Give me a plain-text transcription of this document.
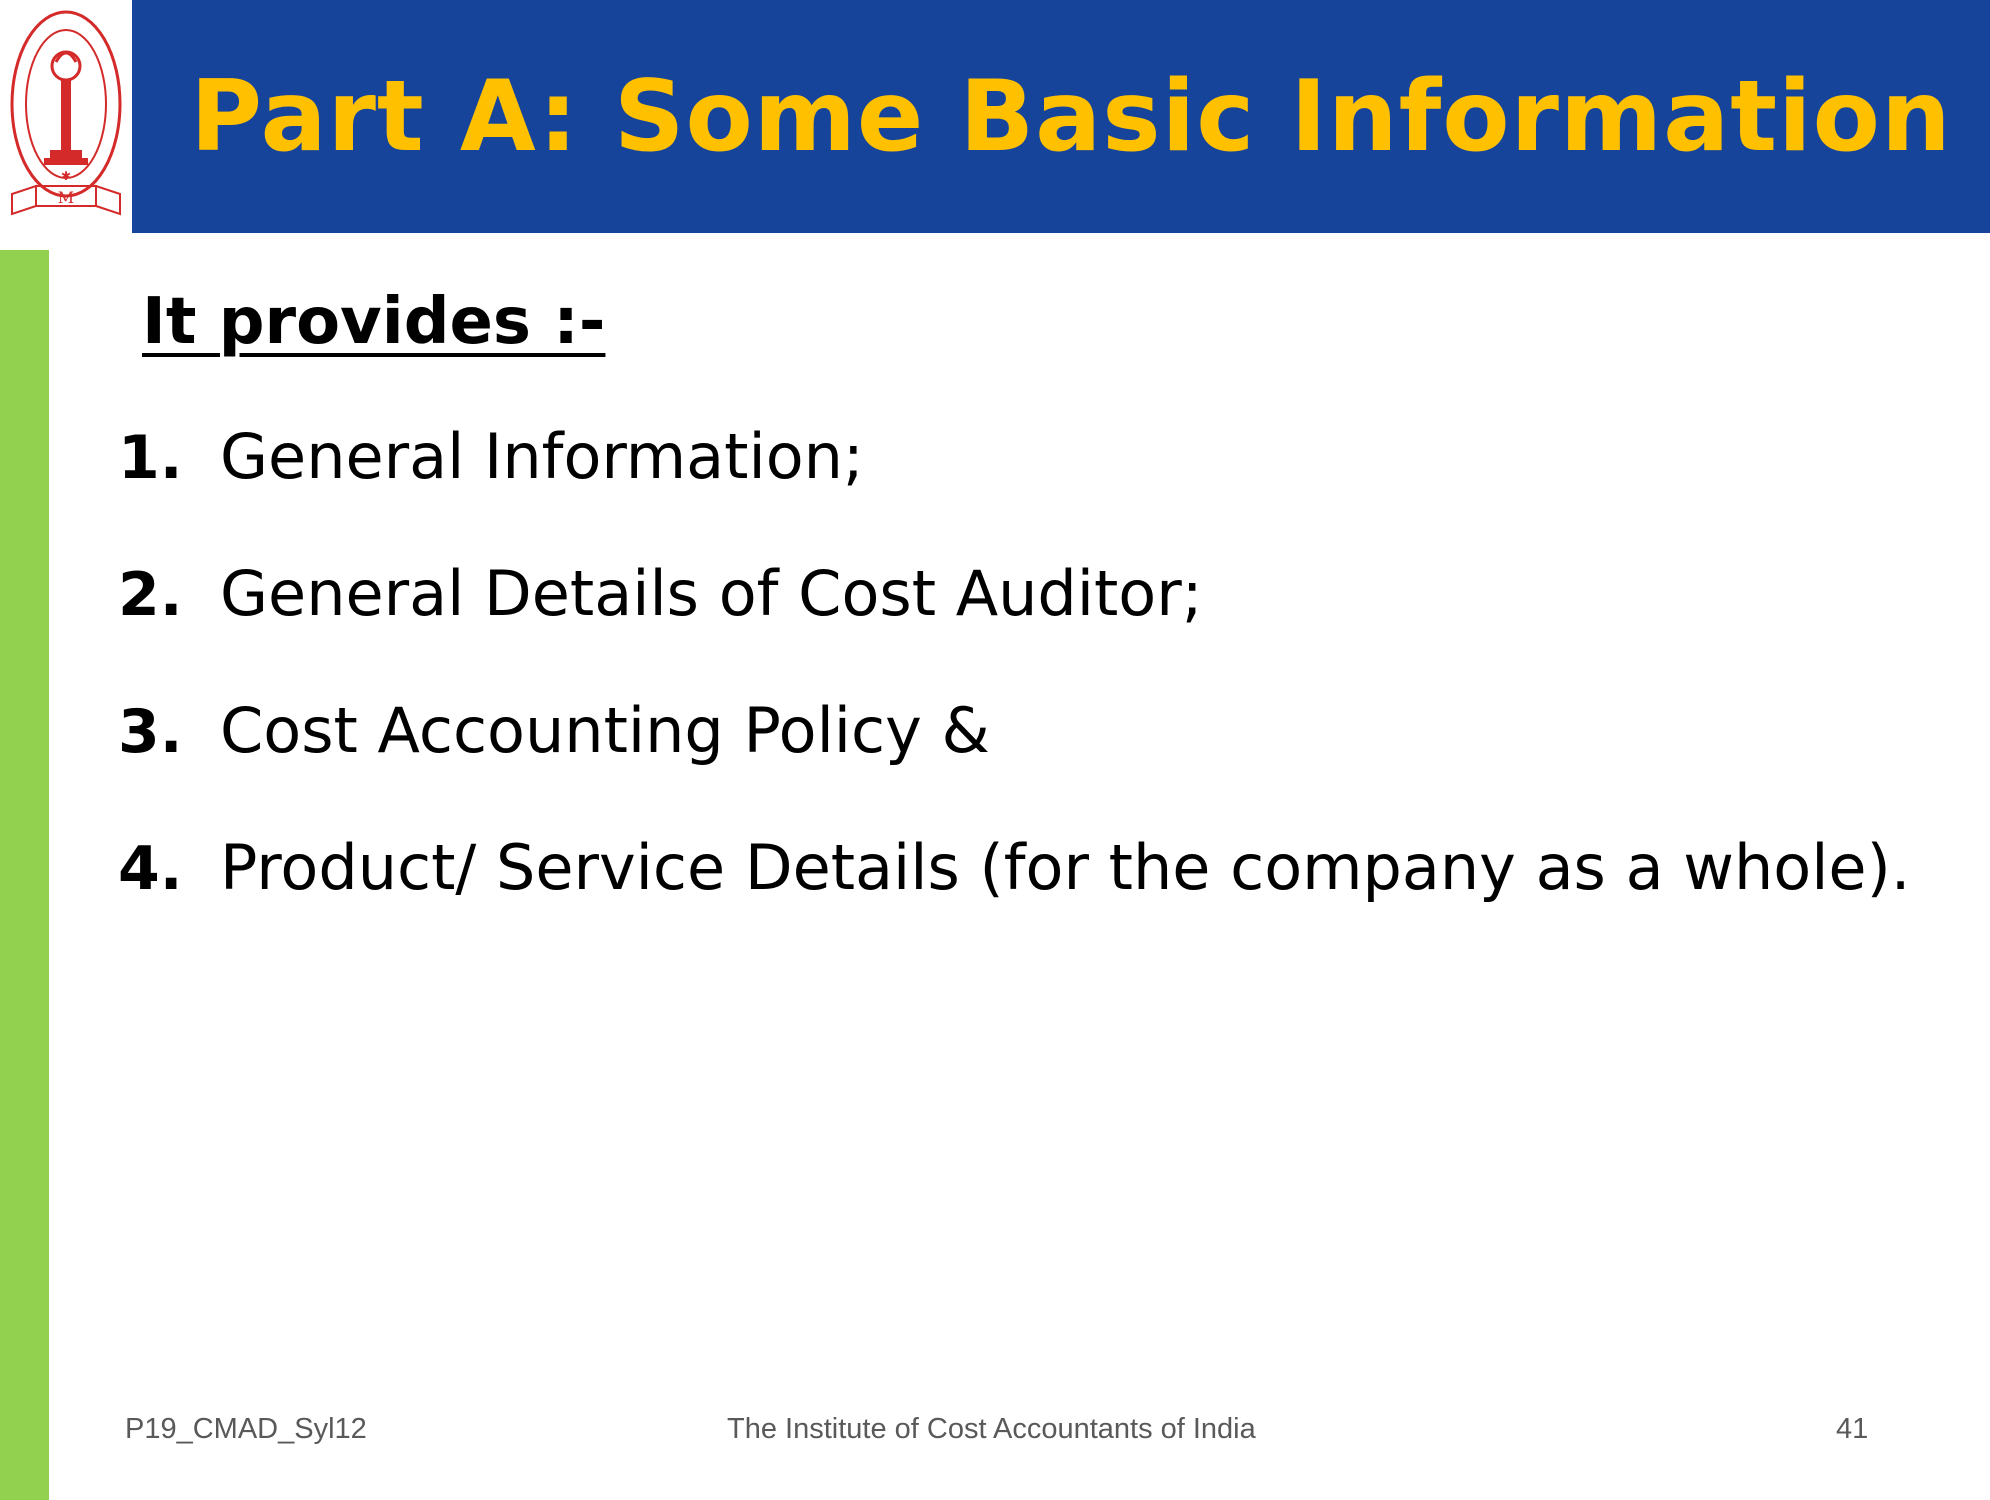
M
✱
Part A: Some Basic Information
It provides :-
1. General Information;
2. General Details of Cost Auditor;
3. Cost Accounting Policy &
4. Product/ Service Details (for the company as a whole).
P19_CMAD_Syl12	The Institute of Cost Accountants of India	41
